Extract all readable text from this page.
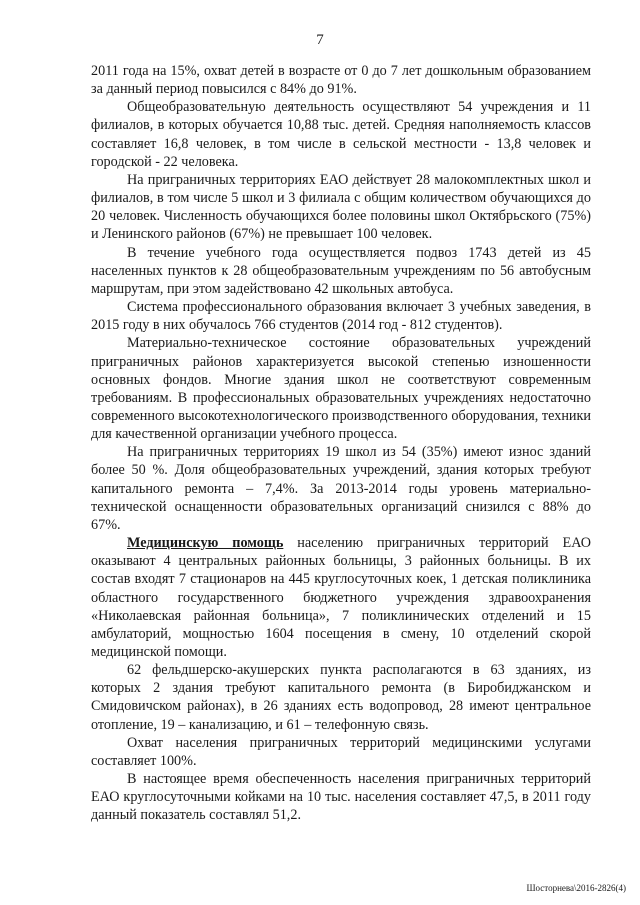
7

2011 года на 15%, охват детей в возрасте от 0 до 7 лет дошкольным образованием за данный период повысился с 84% до 91%.

Общеобразовательную деятельность осуществляют 54 учреждения и 11 филиалов, в которых обучается 10,88 тыс. детей. Средняя наполняемость классов составляет 16,8 человек, в том числе в сельской местности - 13,8 человек и городской - 22 человека.

На приграничных территориях ЕАО действует 28 малокомплектных школ и филиалов, в том числе 5 школ и 3 филиала с общим количеством обучающихся до 20 человек. Численность обучающихся более половины школ Октябрьского (75%) и Ленинского районов (67%) не превышает 100 человек.

В течение учебного года осуществляется подвоз 1743 детей из 45 населенных пунктов к 28 общеобразовательным учреждениям по 56 автобусным маршрутам, при этом задействовано 42 школьных автобуса.

Система профессионального образования включает 3 учебных заведения, в 2015 году в них обучалось 766 студентов (2014 год - 812 студентов).

Материально-техническое состояние образовательных учреждений приграничных районов характеризуется высокой степенью изношенности основных фондов. Многие здания школ не соответствуют современным требованиям. В профессиональных образовательных учреждениях недостаточно современного высокотехнологического производственного оборудования, техники для качественной организации учебного процесса.

На приграничных территориях 19 школ из 54 (35%) имеют износ зданий более 50 %. Доля общеобразовательных учреждений, здания которых требуют капитального ремонта – 7,4%. За 2013-2014 годы уровень материально-технической оснащенности образовательных организаций снизился с 88% до 67%.

Медицинскую помощь населению приграничных территорий ЕАО оказывают 4 центральных районных больницы, 3 районных больницы. В их состав входят 7 стационаров на 445 круглосуточных коек, 1 детская поликлиника областного государственного бюджетного учреждения здравоохранения «Николаевская районная больница», 7 поликлинических отделений и 15 амбулаторий, мощностью 1604 посещения в смену, 10 отделений скорой медицинской помощи.

62 фельдшерско-акушерских пункта располагаются в 63 зданиях, из которых 2 здания требуют капитального ремонта (в Биробиджанском и Смидовичском районах), в 26 зданиях есть водопровод, 28 имеют центральное отопление, 19 – канализацию, и 61 – телефонную связь.

Охват населения приграничных территорий медицинскими услугами составляет 100%.

В настоящее время обеспеченность населения приграничных территорий ЕАО круглосуточными койками на 10 тыс. населения составляет 47,5, в 2011 году данный показатель составлял 51,2.

Шосторнева\2016-2826(4)
